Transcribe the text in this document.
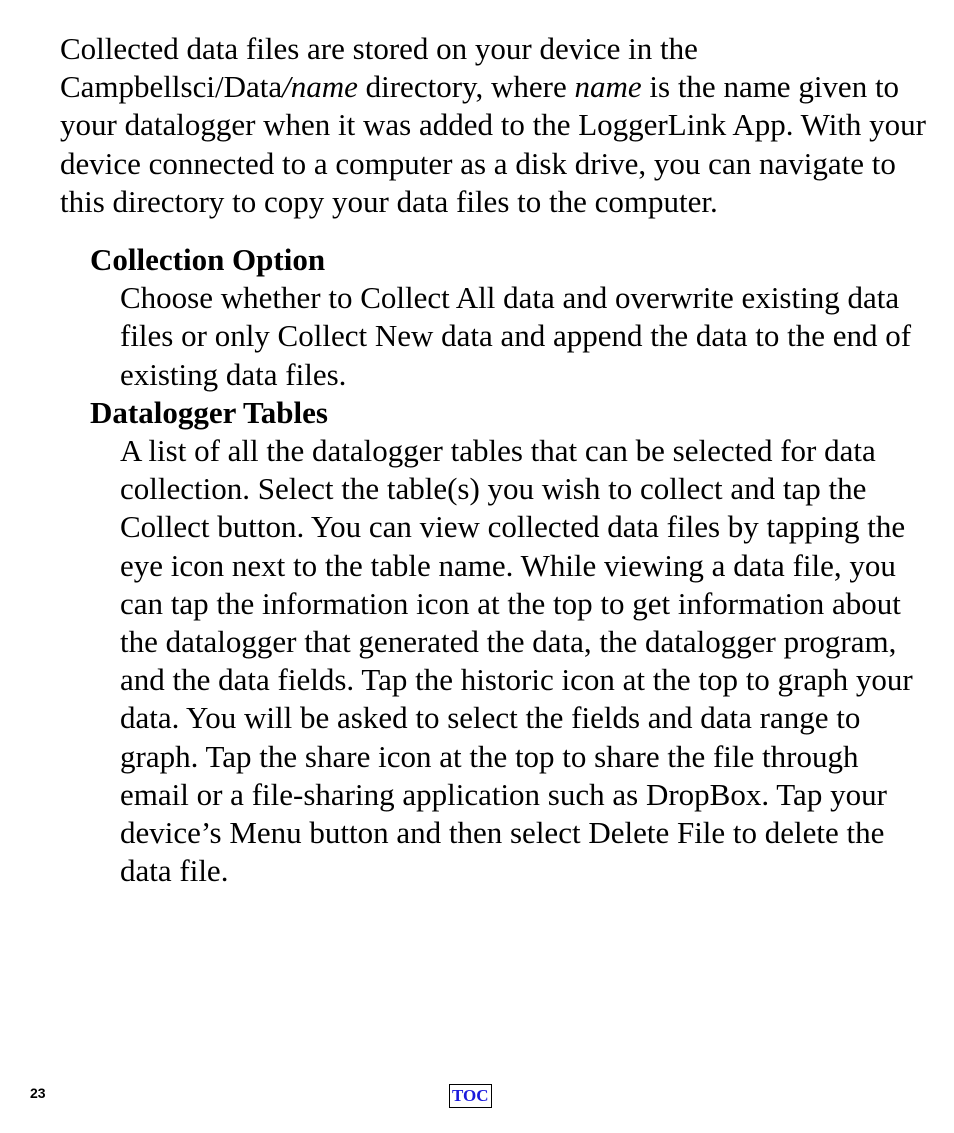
Collected data files are stored on your device in the Campbellsci/Data/name directory, where name is the name given to your datalogger when it was added to the LoggerLink App. With your device connected to a computer as a disk drive, you can navigate to this directory to copy your data files to the computer.

Collection Option

Choose whether to Collect All data and overwrite existing data files or only Collect New data and append the data to the end of existing data files.

Datalogger Tables

A list of all the datalogger tables that can be selected for data collection. Select the table(s) you wish to collect and tap the Collect button. You can view collected data files by tapping the eye icon next to the table name. While viewing a data file, you can tap the information icon at the top to get information about the datalogger that generated the data, the datalogger program, and the data fields. Tap the historic icon at the top to graph your data. You will be asked to select the fields and data range to graph. Tap the share icon at the top to share the file through email or a file-sharing application such as DropBox. Tap your device’s Menu button and then select Delete File to delete the data file.

23	TOC
